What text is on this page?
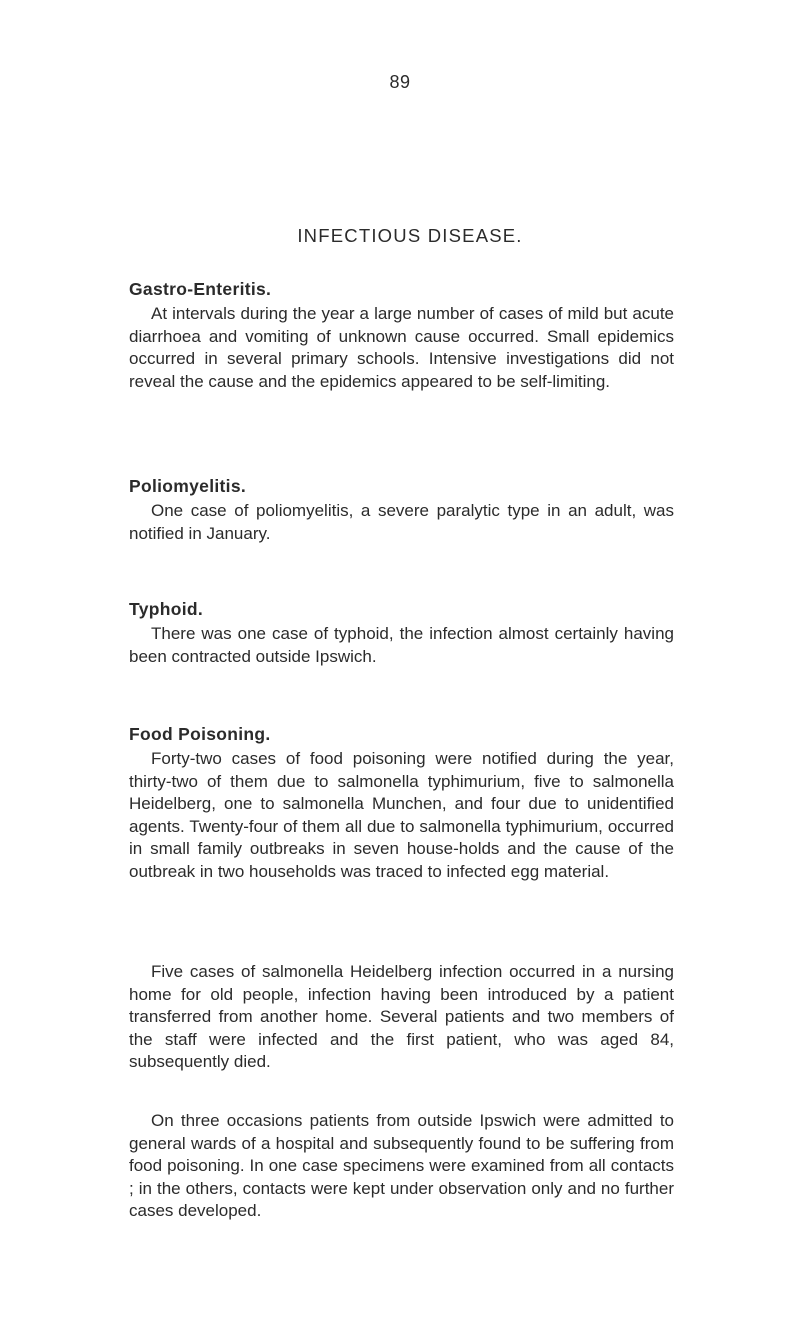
89
INFECTIOUS DISEASE.
Gastro-Enteritis.

At intervals during the year a large number of cases of mild but acute diarrhoea and vomiting of unknown cause occurred. Small epidemics occurred in several primary schools. Intensive investigations did not reveal the cause and the epidemics appeared to be self-limiting.

Poliomyelitis.

One case of poliomyelitis, a severe paralytic type in an adult, was notified in January.

Typhoid.

There was one case of typhoid, the infection almost certainly having been contracted outside Ipswich.

Food Poisoning.

Forty-two cases of food poisoning were notified during the year, thirty-two of them due to salmonella typhimurium, five to salmonella Heidelberg, one to salmonella Munchen, and four due to unidentified agents. Twenty-four of them all due to salmonella typhimurium, occurred in small family outbreaks in seven house-holds and the cause of the outbreak in two households was traced to infected egg material.

Five cases of salmonella Heidelberg infection occurred in a nursing home for old people, infection having been introduced by a patient transferred from another home. Several patients and two members of the staff were infected and the first patient, who was aged 84, subsequently died.

On three occasions patients from outside Ipswich were admitted to general wards of a hospital and subsequently found to be suffering from food poisoning. In one case specimens were examined from all contacts ; in the others, contacts were kept under observation only and no further cases developed.
